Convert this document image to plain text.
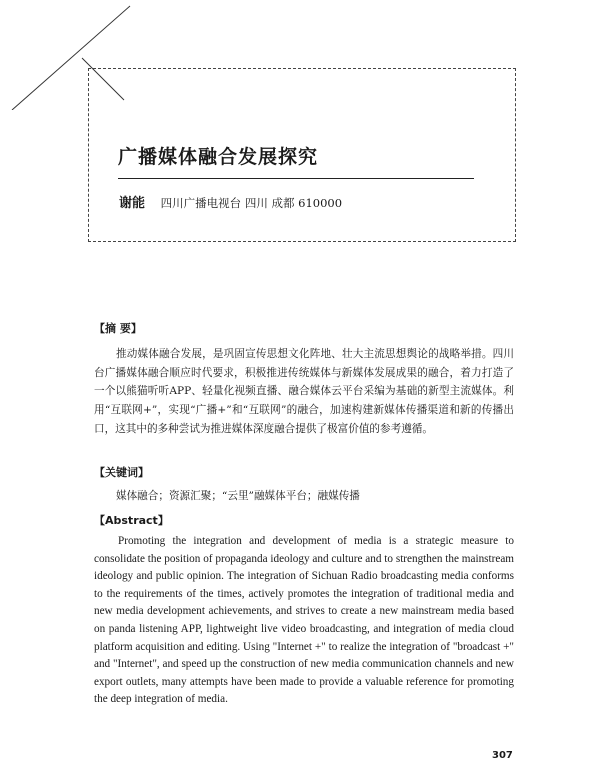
广播媒体融合发展探究
谢能 四川广播电视台 四川 成都 610000
【摘 要】

推动媒体融合发展，是巩固宣传思想文化阵地、壮大主流思想舆论的战略举措。四川台广播媒体融合顺应时代要求，积极推进传统媒体与新媒体发展成果的融合，着力打造了一个以熊猫听听APP、轻量化视频直播、融合媒体云平台采编为基础的新型主流媒体。利用“互联网+”，实现“广播+”和“互联网”的融合，加速构建新媒体传播渠道和新的传播出口，这其中的多种尝试为推进媒体深度融合提供了极富价值的参考遵循。

【关键词】
媒体融合；资源汇聚；“云里”融媒体平台；融媒传播
【Abstract】

Promoting the integration and development of media is a strategic measure to consolidate the position of propaganda ideology and culture and to strengthen the mainstream ideology and public opinion. The integration of Sichuan Radio broadcasting media conforms to the requirements of the times, actively promotes the integration of traditional media and new media development achievements, and strives to create a new mainstream media based on panda listening APP, lightweight live video broadcasting, and integration of media cloud platform acquisition and editing. Using "Internet +" to realize the integration of "broadcast +" and "Internet", and speed up the construction of new media communication channels and new export outlets, many attempts have been made to provide a valuable reference for promoting the deep integration of media.

307
